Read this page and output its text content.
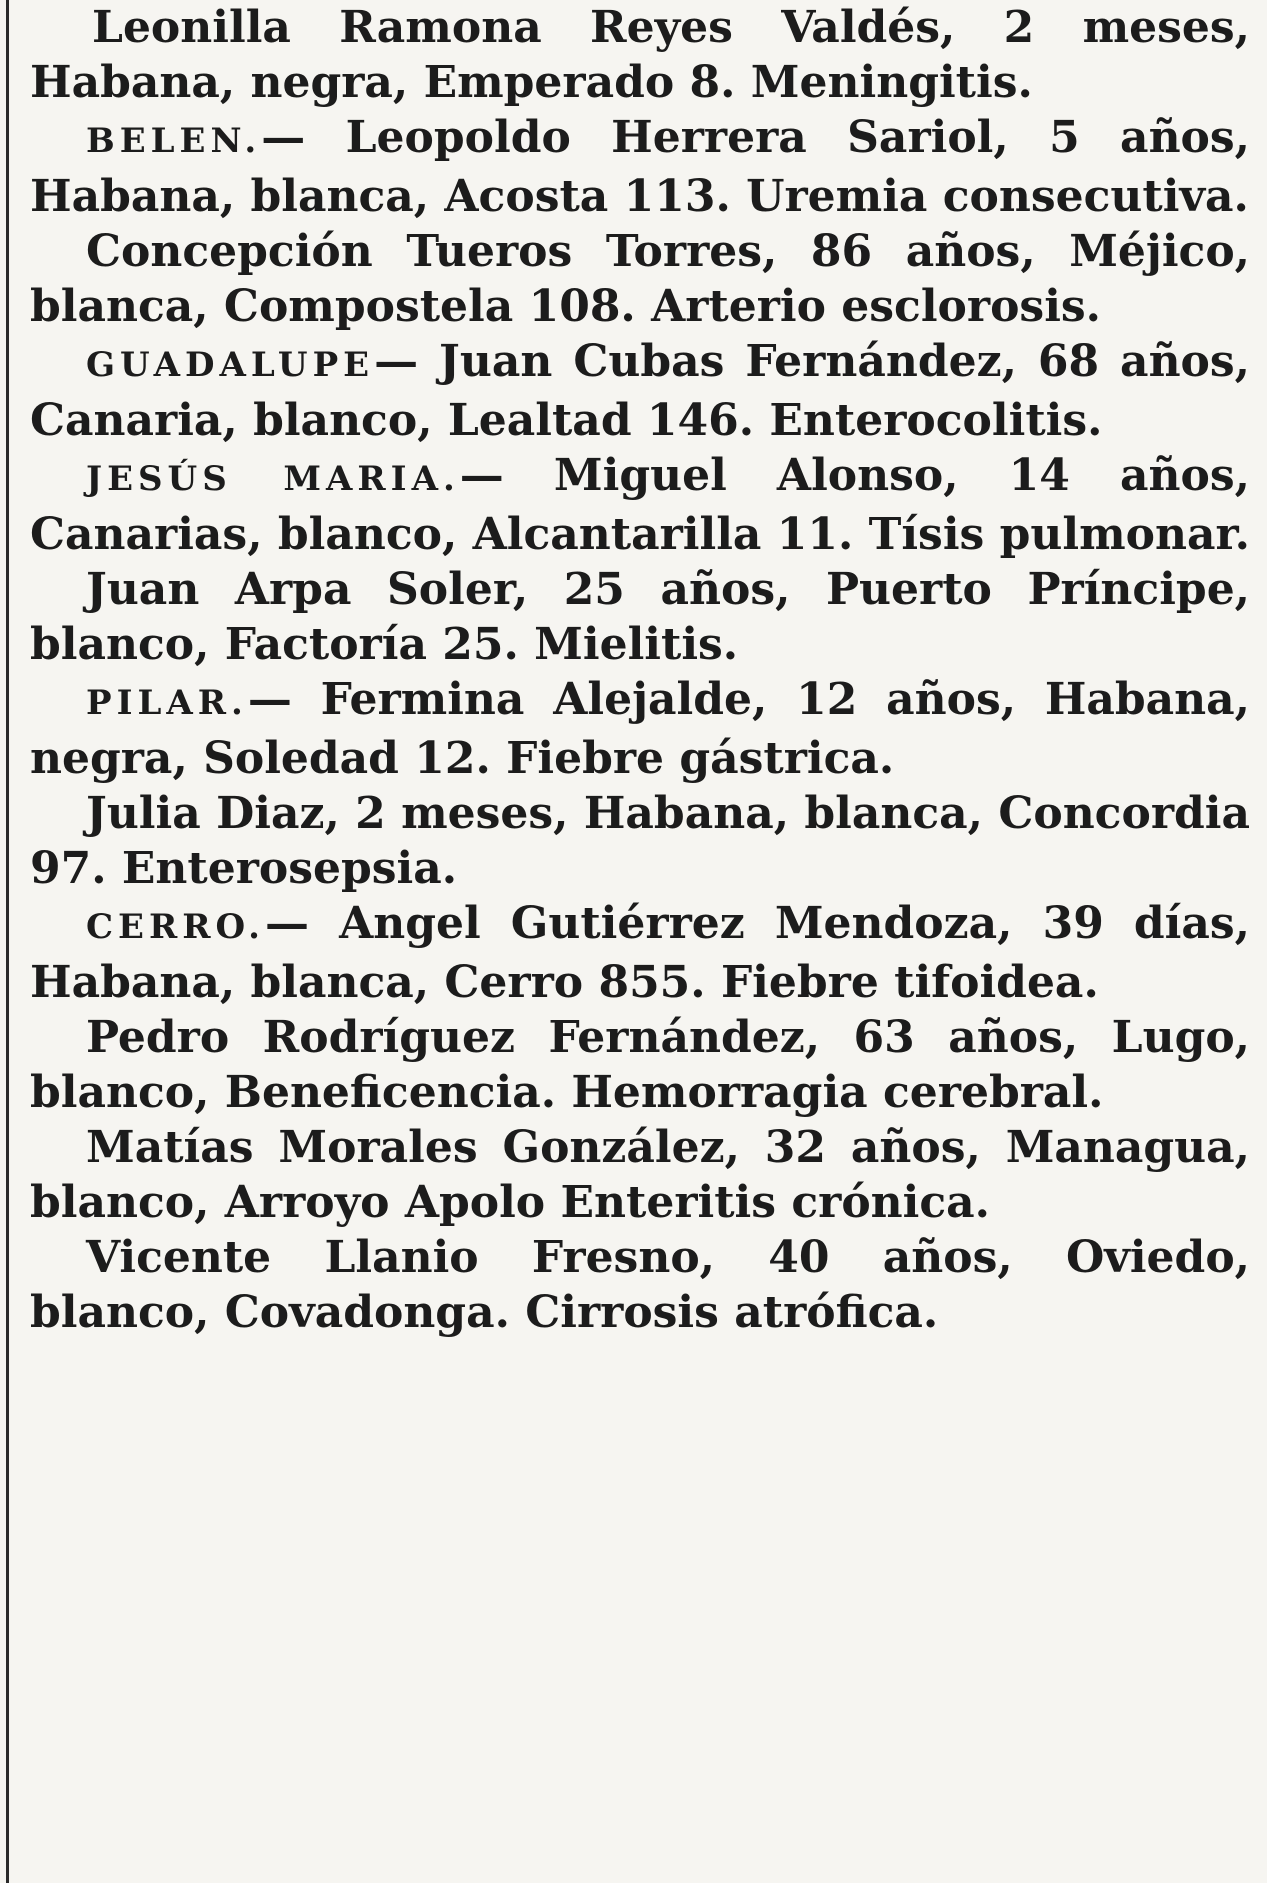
Leonilla Ramona Reyes Valdés, 2 meses, Habana, negra, Emperado 8. Meningitis.

BELEN.— Leopoldo Herrera Sariol, 5 años, Habana, blanca, Acosta 113. Uremia consecutiva.

Concepción Tueros Torres, 86 años, Méjico, blanca, Compostela 108. Arterio esclorosis.

GUADALUPE— Juan Cubas Fernández, 68 años, Canaria, blanco, Lealtad 146. Enterocolitis.

JESÚS MARIA.— Miguel Alonso, 14 años, Canarias, blanco, Alcantarilla 11. Tísis pulmonar.

Juan Arpa Soler, 25 años, Puerto Príncipe, blanco, Factoría 25. Mielitis.

PILAR.— Fermina Alejalde, 12 años, Habana, negra, Soledad 12. Fiebre gástrica.

Julia Diaz, 2 meses, Habana, blanca, Concordia 97. Enterosepsia.

CERRO.— Angel Gutiérrez Mendoza, 39 días, Habana, blanca, Cerro 855. Fiebre tifoidea.

Pedro Rodríguez Fernández, 63 años, Lugo, blanco, Beneficencia. Hemorragia cerebral.

Matías Morales González, 32 años, Managua, blanco, Arroyo Apolo Enteritis crónica.

Vicente Llanio Fresno, 40 años, Oviedo, blanco, Covadonga. Cirrosis atrófica.
